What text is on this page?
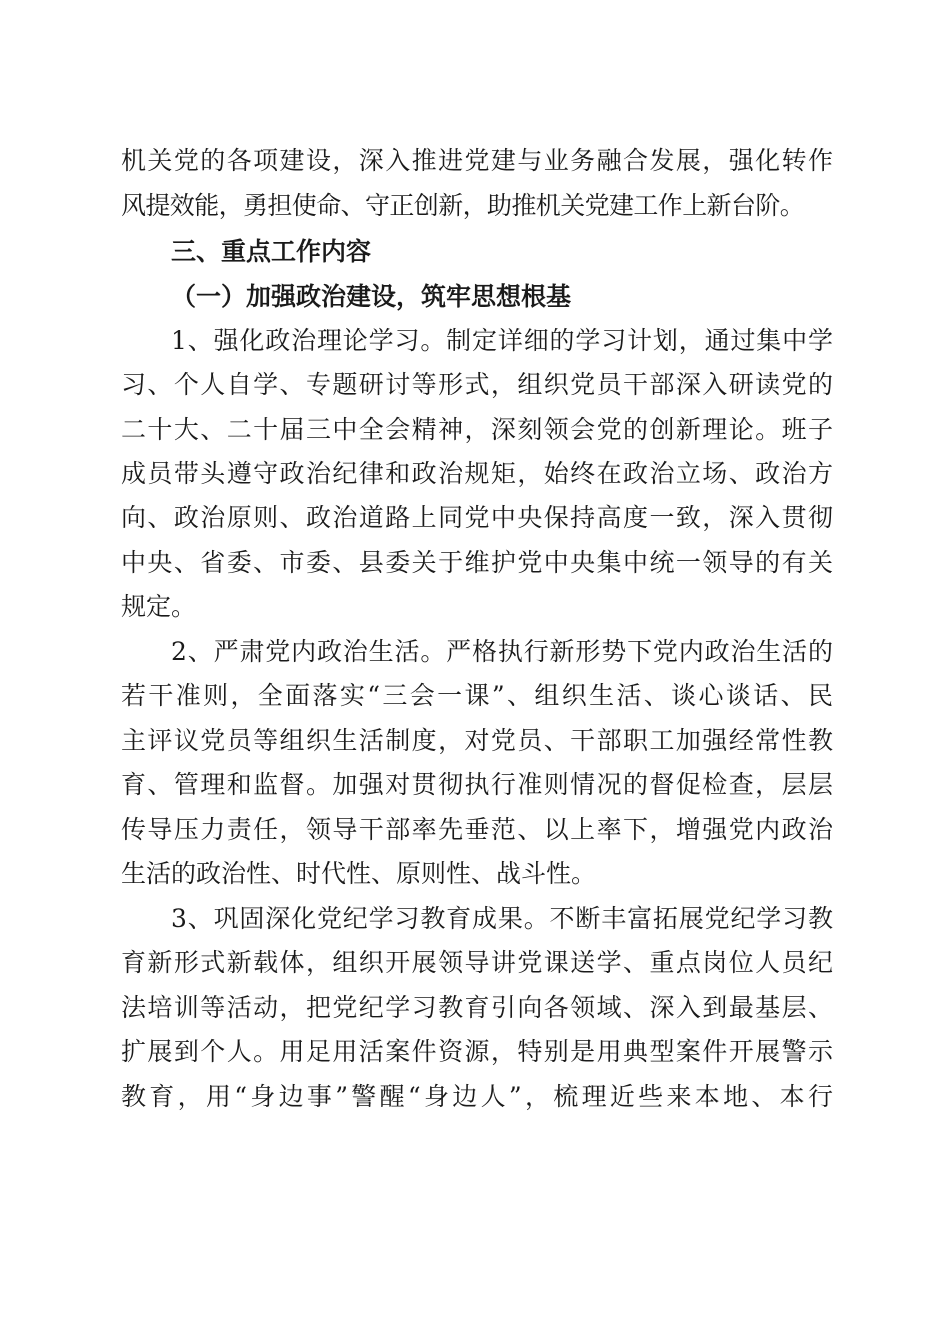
机关党的各项建设，深入推进党建与业务融合发展，强化转作
风提效能，勇担使命、守正创新，助推机关党建工作上新台阶。
三、重点工作内容
（一）加强政治建设，筑牢思想根基
1、强化政治理论学习。制定详细的学习计划，通过集中学
习、个人自学、专题研讨等形式，组织党员干部深入研读党的
二十大、二十届三中全会精神，深刻领会党的创新理论。班子
成员带头遵守政治纪律和政治规矩，始终在政治立场、政治方
向、政治原则、政治道路上同党中央保持高度一致，深入贯彻
中央、省委、市委、县委关于维护党中央集中统一领导的有关
规定。
2、严肃党内政治生活。严格执行新形势下党内政治生活的
若干准则，全面落实“三会一课”、组织生活、谈心谈话、民
主评议党员等组织生活制度，对党员、干部职工加强经常性教
育、管理和监督。加强对贯彻执行准则情况的督促检查，层层
传导压力责任，领导干部率先垂范、以上率下，增强党内政治
生活的政治性、时代性、原则性、战斗性。
3、巩固深化党纪学习教育成果。不断丰富拓展党纪学习教
育新形式新载体，组织开展领导讲党课送学、重点岗位人员纪
法培训等活动，把党纪学习教育引向各领域、深入到最基层、
扩展到个人。用足用活案件资源，特别是用典型案件开展警示
教育，用“身边事”警醒“身边人”，梳理近些来本地、本行
